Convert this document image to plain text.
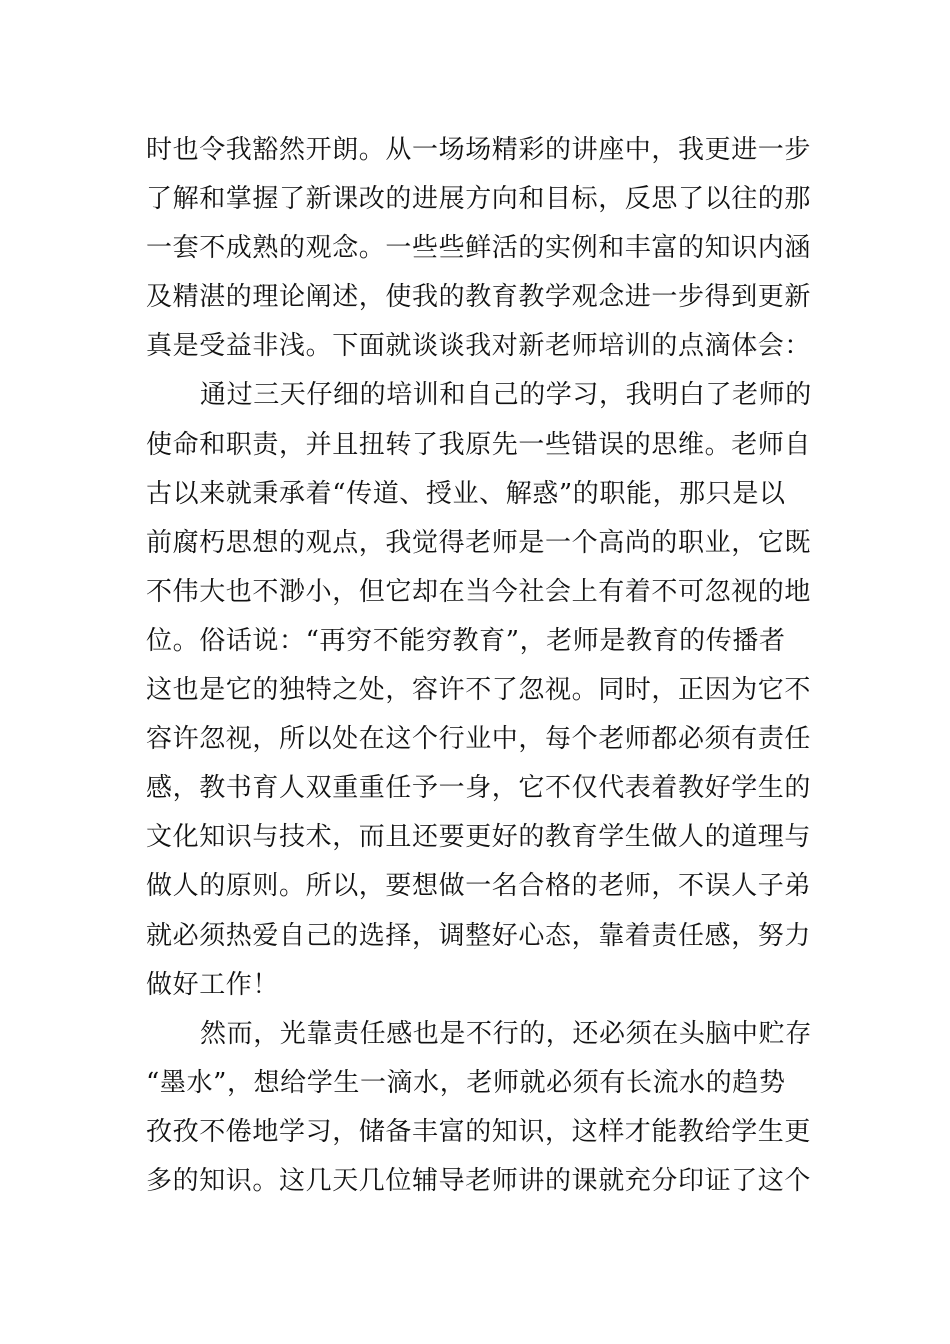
时也令我豁然开朗。从一场场精彩的讲座中，我更进一步
了解和掌握了新课改的进展方向和目标，反思了以往的那
一套不成熟的观念。一些些鲜活的实例和丰富的知识内涵
及精湛的理论阐述，使我的教育教学观念进一步得到更新
真是受益非浅。下面就谈谈我对新老师培训的点滴体会：
通过三天仔细的培训和自己的学习，我明白了老师的
使命和职责，并且扭转了我原先一些错误的思维。老师自
古以来就秉承着“传道、授业、解惑”的职能，那只是以
前腐朽思想的观点，我觉得老师是一个高尚的职业，它既
不伟大也不渺小，但它却在当今社会上有着不可忽视的地
位。俗话说：“再穷不能穷教育”，老师是教育的传播者
这也是它的独特之处，容许不了忽视。同时，正因为它不
容许忽视，所以处在这个行业中，每个老师都必须有责任
感，教书育人双重重任予一身，它不仅代表着教好学生的
文化知识与技术，而且还要更好的教育学生做人的道理与
做人的原则。所以，要想做一名合格的老师，不误人子弟
就必须热爱自己的选择，调整好心态，靠着责任感，努力
做好工作！
然而，光靠责任感也是不行的，还必须在头脑中贮存
“墨水”，想给学生一滴水，老师就必须有长流水的趋势
孜孜不倦地学习，储备丰富的知识，这样才能教给学生更
多的知识。这几天几位辅导老师讲的课就充分印证了这个
